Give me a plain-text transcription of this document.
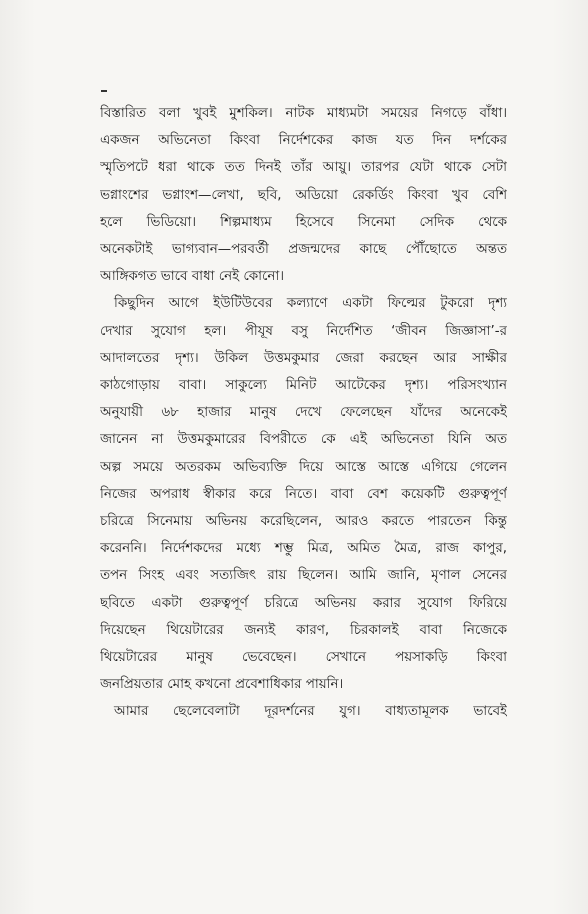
বিস্তারিত বলা খুবই মুশকিল। নাটক মাধ্যমটা সময়ের নিগড়ে বাঁধা।
একজন অভিনেতা কিংবা নির্দেশকের কাজ যত দিন দর্শকের
স্মৃতিপটে ধরা থাকে তত দিনই তাঁর আয়ু। তারপর যেটা থাকে সেটা
ভগ্নাংশের ভগ্নাংশ—লেখা, ছবি, অডিয়ো রেকর্ডিং কিংবা খুব বেশি
হলে ভিডিয়ো। শিল্পমাধ্যম হিসেবে সিনেমা সেদিক থেকে
অনেকটাই ভাগ্যবান—পরবর্তী প্রজন্মদের কাছে পৌঁছোতে অন্তত
আঙ্গিকগত ভাবে বাধা নেই কোনো।
কিছুদিন আগে ইউটিউবের কল্যাণে একটা ফিল্মের টুকরো দৃশ্য
দেখার সুযোগ হল। পীযূষ বসু নির্দেশিত ‘জীবন জিজ্ঞাসা’-র
আদালতের দৃশ্য। উকিল উত্তমকুমার জেরা করছেন আর সাক্ষীর
কাঠগোড়ায় বাবা। সাকুল্যে মিনিট আটেকের দৃশ্য। পরিসংখ্যান
অনুযায়ী ৬৮ হাজার মানুষ দেখে ফেলেছেন যাঁদের অনেকেই
জানেন না উত্তমকুমারের বিপরীতে কে এই অভিনেতা যিনি অত
অল্প সময়ে অতরকম অভিব্যক্তি দিয়ে আস্তে আস্তে এগিয়ে গেলেন
নিজের অপরাধ স্বীকার করে নিতে। বাবা বেশ কয়েকটি গুরুত্বপূর্ণ
চরিত্রে সিনেমায় অভিনয় করেছিলেন, আরও করতে পারতেন কিন্তু
করেননি। নির্দেশকদের মধ্যে শম্ভু মিত্র, অমিত মৈত্র, রাজ কাপুর,
তপন সিংহ এবং সত্যজিৎ রায় ছিলেন। আমি জানি, মৃণাল সেনের
ছবিতে একটা গুরুত্বপূর্ণ চরিত্রে অভিনয় করার সুযোগ ফিরিয়ে
দিয়েছেন থিয়েটারের জন্যই কারণ, চিরকালই বাবা নিজেকে
থিয়েটারের মানুষ ভেবেছেন। সেখানে পয়সাকড়ি কিংবা
জনপ্রিয়তার মোহ কখনো প্রবেশাধিকার পায়নি।
আমার ছেলেবেলাটা দূরদর্শনের যুগ। বাধ্যতামূলক ভাবেই
